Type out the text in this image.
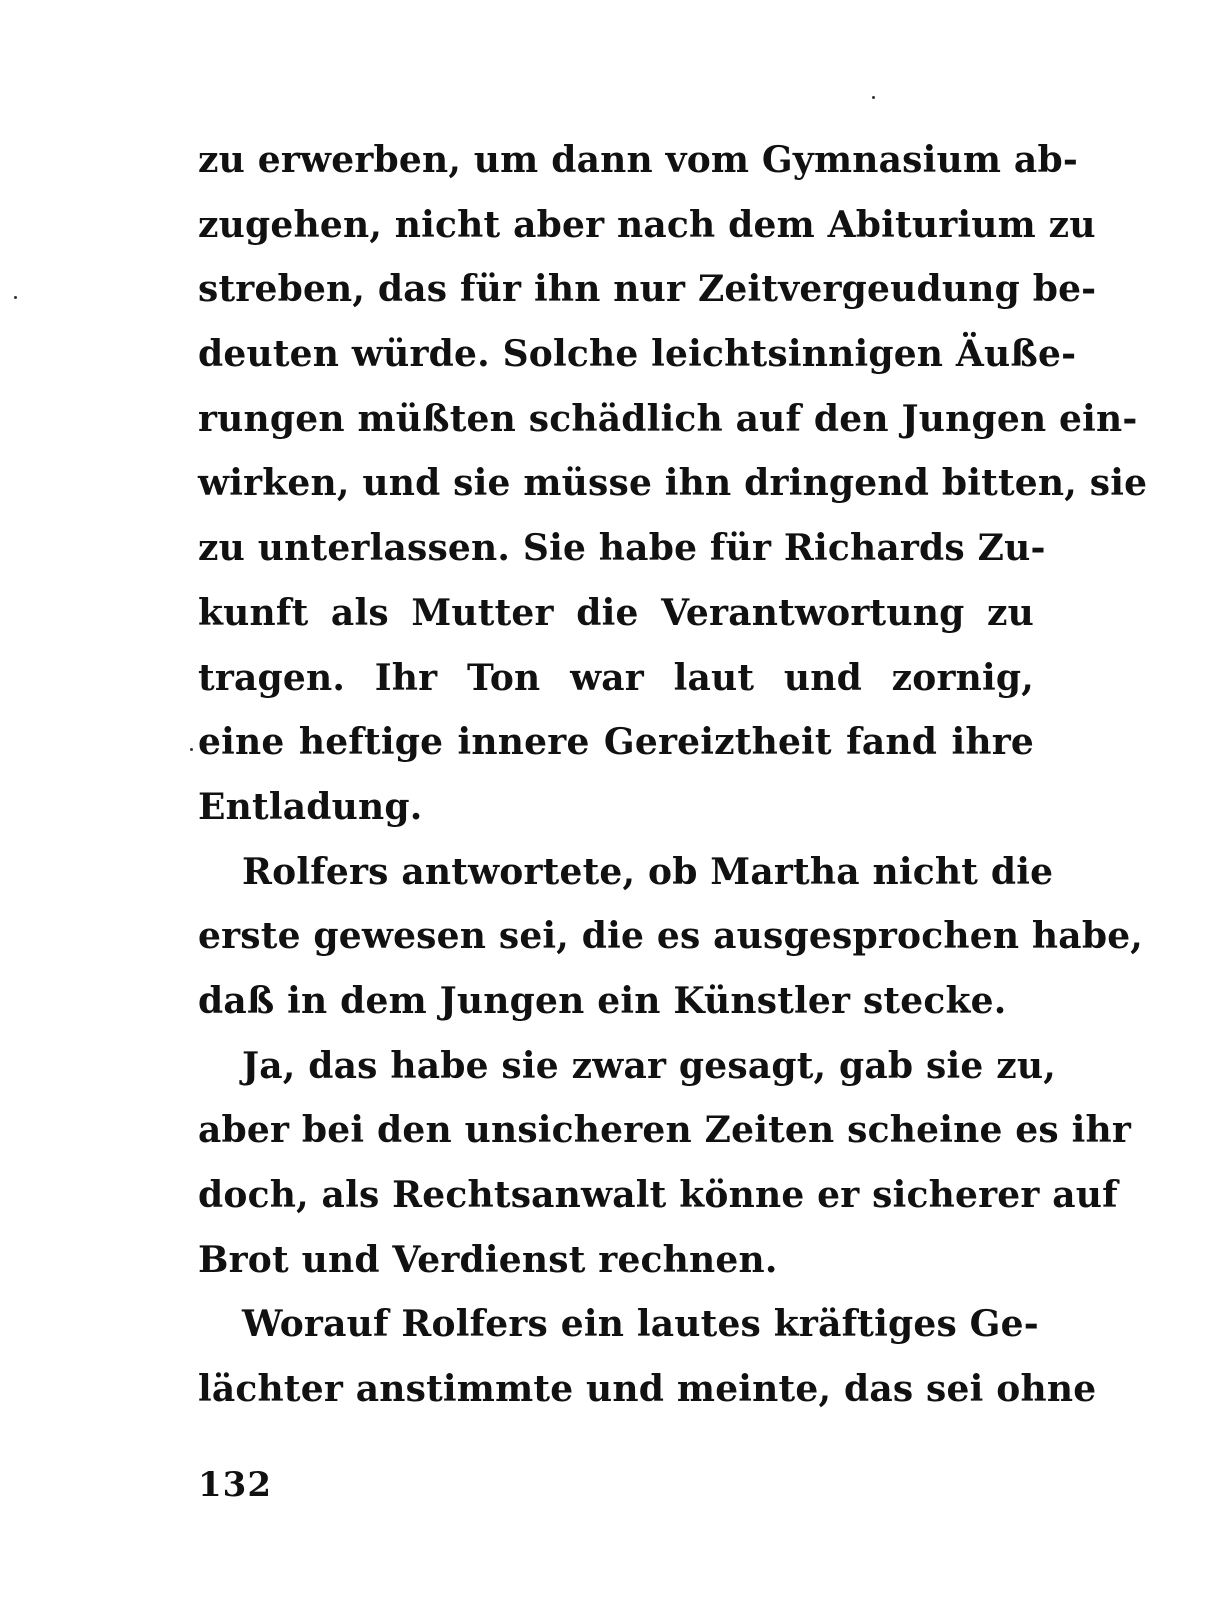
zu erwerben, um dann vom Gymnasium ab-
zugehen, nicht aber nach dem Abiturium zu
streben, das für ihn nur Zeitvergeudung be-
deuten würde. Solche leichtsinnigen Äuße-
rungen müßten schädlich auf den Jungen ein-
wirken, und sie müsse ihn dringend bitten, sie
zu unterlassen. Sie habe für Richards Zu-
kunft als Mutter die Verantwortung zu
tragen. Ihr Ton war laut und zornig,
eine heftige innere Gereiztheit fand ihre
Entladung.
Rolfers antwortete, ob Martha nicht die
erste gewesen sei, die es ausgesprochen habe,
daß in dem Jungen ein Künstler stecke.
Ja, das habe sie zwar gesagt, gab sie zu,
aber bei den unsicheren Zeiten scheine es ihr
doch, als Rechtsanwalt könne er sicherer auf
Brot und Verdienst rechnen.
Worauf Rolfers ein lautes kräftiges Ge-
lächter anstimmte und meinte, das sei ohne
132
